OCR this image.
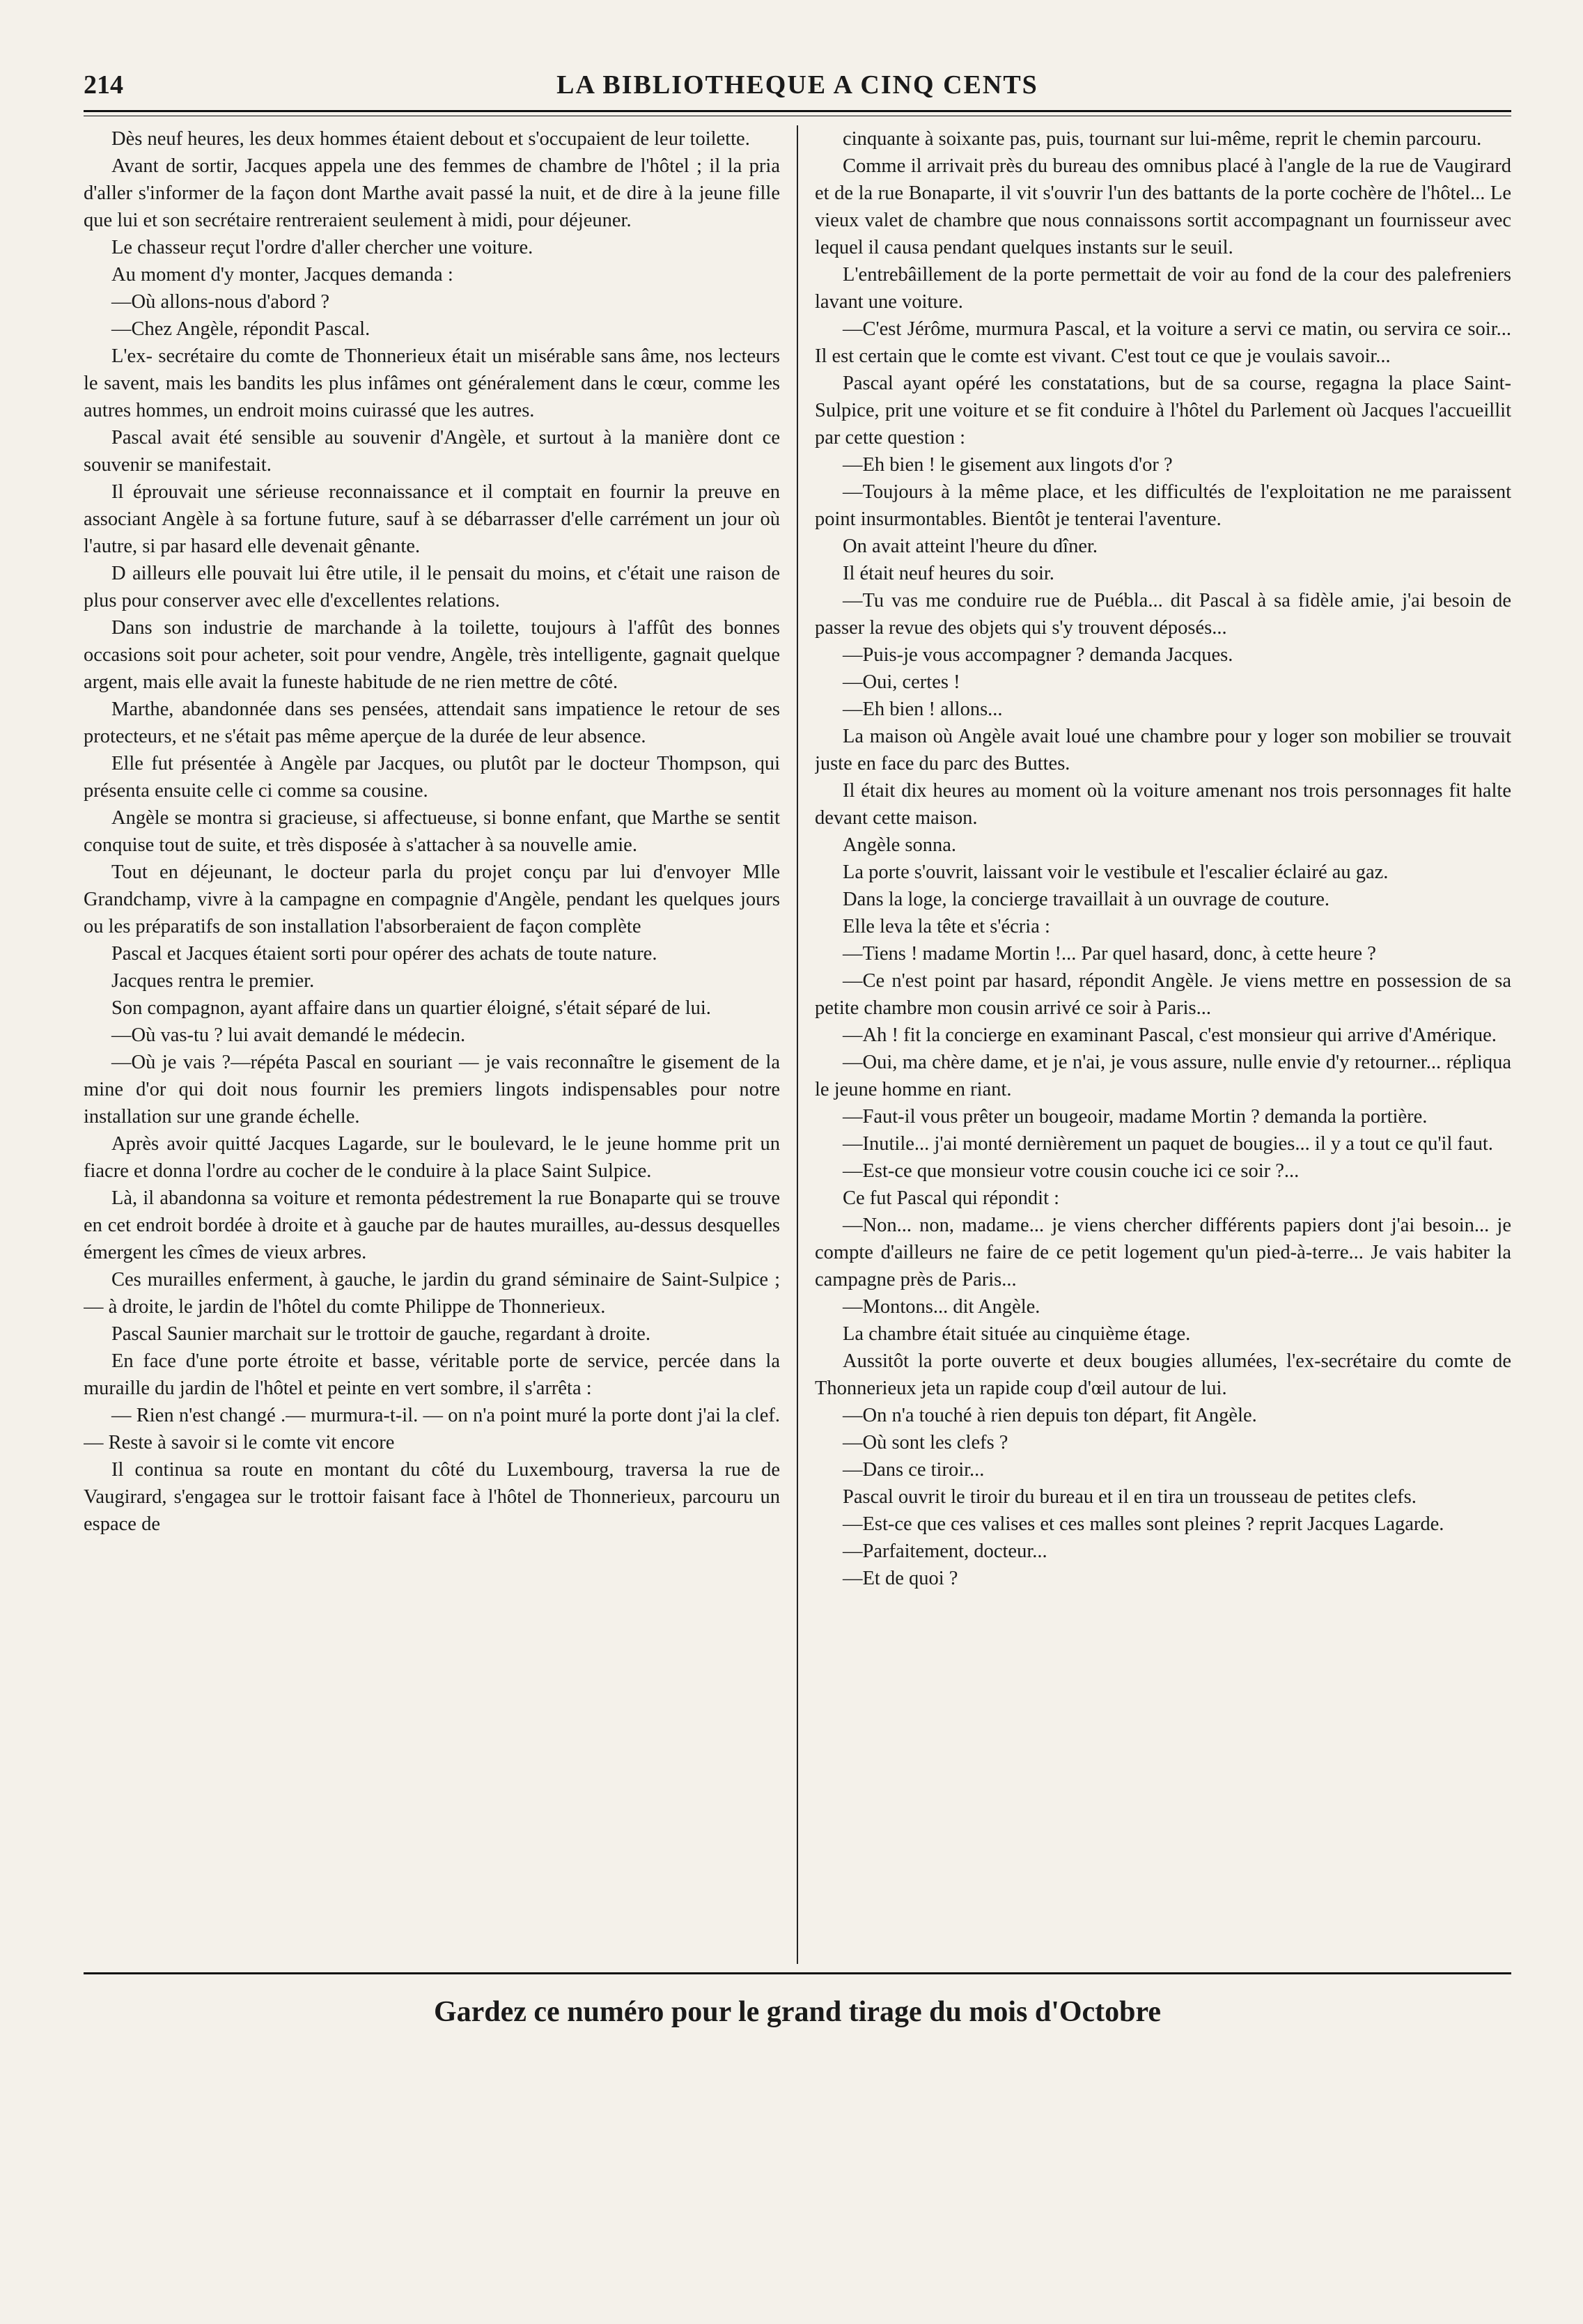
214	LA BIBLIOTHEQUE A CINQ CENTS

Dès neuf heures, les deux hommes étaient debout et s'occupaient de leur toilette.

Avant de sortir, Jacques appela une des femmes de chambre de l'hôtel ; il la pria d'aller s'informer de la façon dont Marthe avait passé la nuit, et de dire à la jeune fille que lui et son secrétaire rentreraient seulement à midi, pour déjeuner.

Le chasseur reçut l'ordre d'aller chercher une voiture.

Au moment d'y monter, Jacques demanda :

—Où allons-nous d'abord ?

—Chez Angèle, répondit Pascal.

L'ex- secrétaire du comte de Thonnerieux était un misérable sans âme, nos lecteurs le savent, mais les bandits les plus infâmes ont généralement dans le cœur, comme les autres hommes, un endroit moins cuirassé que les autres.

Pascal avait été sensible au souvenir d'Angèle, et surtout à la manière dont ce souvenir se manifestait.

Il éprouvait une sérieuse reconnaissance et il comptait en fournir la preuve en associant Angèle à sa fortune future, sauf à se débarrasser d'elle carrément un jour où l'autre, si par hasard elle devenait gênante.

D ailleurs elle pouvait lui être utile, il le pensait du moins, et c'était une raison de plus pour conserver avec elle d'excellentes relations.

Dans son industrie de marchande à la toilette, toujours à l'affût des bonnes occasions soit pour acheter, soit pour vendre, Angèle, très intelligente, gagnait quelque argent, mais elle avait la funeste habitude de ne rien mettre de côté.

Marthe, abandonnée dans ses pensées, attendait sans impatience le retour de ses protecteurs, et ne s'était pas même aperçue de la durée de leur absence.

Elle fut présentée à Angèle par Jacques, ou plutôt par le docteur Thompson, qui présenta ensuite celle ci comme sa cousine.

Angèle se montra si gracieuse, si affectueuse, si bonne enfant, que Marthe se sentit conquise tout de suite, et très disposée à s'attacher à sa nouvelle amie.

Tout en déjeunant, le docteur parla du projet conçu par lui d'envoyer Mlle Grandchamp, vivre à la campagne en compagnie d'Angèle, pendant les quelques jours ou les préparatifs de son installation l'absorberaient de façon complète

Pascal et Jacques étaient sorti pour opérer des achats de toute nature.

Jacques rentra le premier.

Son compagnon, ayant affaire dans un quartier éloigné, s'était séparé de lui.

—Où vas-tu ? lui avait demandé le médecin.

—Où je vais ?—répéta Pascal en souriant — je vais reconnaître le gisement de la mine d'or qui doit nous fournir les premiers lingots indispensables pour notre installation sur une grande échelle.

Après avoir quitté Jacques Lagarde, sur le boulevard, le le jeune homme prit un fiacre et donna l'ordre au cocher de le conduire à la place Saint Sulpice.

Là, il abandonna sa voiture et remonta pédestrement la rue Bonaparte qui se trouve en cet endroit bordée à droite et à gauche par de hautes murailles, au-dessus desquelles émergent les cîmes de vieux arbres.

Ces murailles enferment, à gauche, le jardin du grand séminaire de Saint-Sulpice ; — à droite, le jardin de l'hôtel du comte Philippe de Thonnerieux.

Pascal Saunier marchait sur le trottoir de gauche, regardant à droite.

En face d'une porte étroite et basse, véritable porte de service, percée dans la muraille du jardin de l'hôtel et peinte en vert sombre, il s'arrêta :

— Rien n'est changé .— murmura-t-il. — on n'a point muré la porte dont j'ai la clef.— Reste à savoir si le comte vit encore

Il continua sa route en montant du côté du Luxembourg, traversa la rue de Vaugirard, s'engagea sur le trottoir faisant face à l'hôtel de Thonnerieux, parcouru un espace de

cinquante à soixante pas, puis, tournant sur lui-même, reprit le chemin parcouru.

Comme il arrivait près du bureau des omnibus placé à l'angle de la rue de Vaugirard et de la rue Bonaparte, il vit s'ouvrir l'un des battants de la porte cochère de l'hôtel... Le vieux valet de chambre que nous connaissons sortit accompagnant un fournisseur avec lequel il causa pendant quelques instants sur le seuil.

L'entrebâillement de la porte permettait de voir au fond de la cour des palefreniers lavant une voiture.

—C'est Jérôme, murmura Pascal, et la voiture a servi ce matin, ou servira ce soir... Il est certain que le comte est vivant. C'est tout ce que je voulais savoir...

Pascal ayant opéré les constatations, but de sa course, regagna la place Saint-Sulpice, prit une voiture et se fit conduire à l'hôtel du Parlement où Jacques l'accueillit par cette question :

—Eh bien ! le gisement aux lingots d'or ?

—Toujours à la même place, et les difficultés de l'exploitation ne me paraissent point insurmontables. Bientôt je tenterai l'aventure.

On avait atteint l'heure du dîner.

Il était neuf heures du soir.

—Tu vas me conduire rue de Puébla... dit Pascal à sa fidèle amie, j'ai besoin de passer la revue des objets qui s'y trouvent déposés...

—Puis-je vous accompagner ? demanda Jacques.

—Oui, certes !

—Eh bien ! allons...

La maison où Angèle avait loué une chambre pour y loger son mobilier se trouvait juste en face du parc des Buttes.

Il était dix heures au moment où la voiture amenant nos trois personnages fit halte devant cette maison.

Angèle sonna.

La porte s'ouvrit, laissant voir le vestibule et l'escalier éclairé au gaz.

Dans la loge, la concierge travaillait à un ouvrage de couture.

Elle leva la tête et s'écria :

—Tiens ! madame Mortin !... Par quel hasard, donc, à cette heure ?

—Ce n'est point par hasard, répondit Angèle. Je viens mettre en possession de sa petite chambre mon cousin arrivé ce soir à Paris...

—Ah ! fit la concierge en examinant Pascal, c'est monsieur qui arrive d'Amérique.

—Oui, ma chère dame, et je n'ai, je vous assure, nulle envie d'y retourner... répliqua le jeune homme en riant.

—Faut-il vous prêter un bougeoir, madame Mortin ? demanda la portière.

—Inutile... j'ai monté dernièrement un paquet de bougies... il y a tout ce qu'il faut.

—Est-ce que monsieur votre cousin couche ici ce soir ?...

Ce fut Pascal qui répondit :

—Non... non, madame... je viens chercher différents papiers dont j'ai besoin... je compte d'ailleurs ne faire de ce petit logement qu'un pied-à-terre... Je vais habiter la campagne près de Paris...

—Montons... dit Angèle.

La chambre était située au cinquième étage.

Aussitôt la porte ouverte et deux bougies allumées, l'ex-secrétaire du comte de Thonnerieux jeta un rapide coup d'œil autour de lui.

—On n'a touché à rien depuis ton départ, fit Angèle.

—Où sont les clefs ?

—Dans ce tiroir...

Pascal ouvrit le tiroir du bureau et il en tira un trousseau de petites clefs.

—Est-ce que ces valises et ces malles sont pleines ? reprit Jacques Lagarde.

—Parfaitement, docteur...

—Et de quoi ?

Gardez ce numéro pour le grand tirage du mois d'Octobre
